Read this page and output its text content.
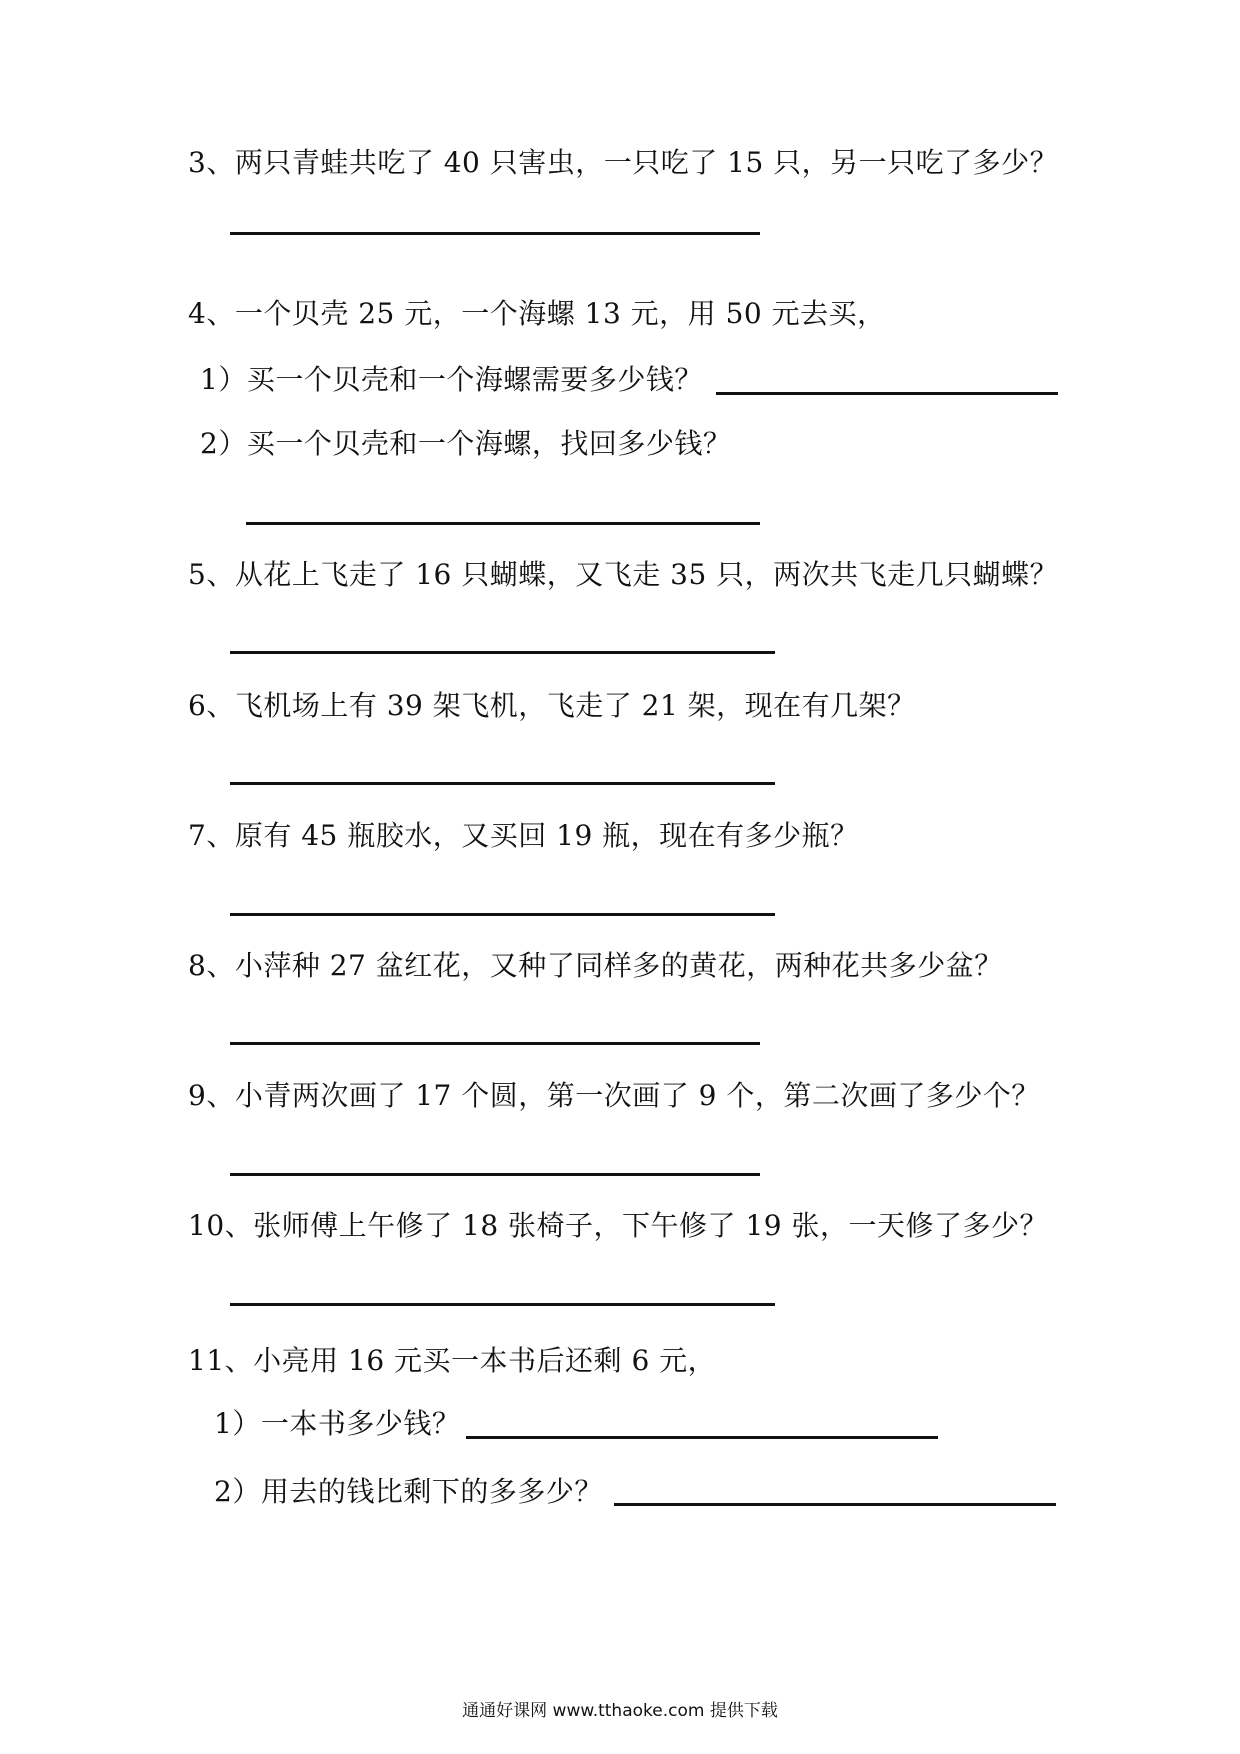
3、两只青蛙共吃了 40 只害虫，一只吃了 15 只，另一只吃了多少？
4、一个贝壳 25 元，一个海螺 13 元，用 50 元去买，
1）买一个贝壳和一个海螺需要多少钱？
2）买一个贝壳和一个海螺，找回多少钱？
5、从花上飞走了 16 只蝴蝶，又飞走 35 只，两次共飞走几只蝴蝶？
6、飞机场上有 39 架飞机，飞走了 21 架，现在有几架？
7、原有 45 瓶胶水，又买回 19 瓶，现在有多少瓶？
8、小萍种 27 盆红花，又种了同样多的黄花，两种花共多少盆？
9、小青两次画了 17 个圆，第一次画了 9 个，第二次画了多少个？
10、张师傅上午修了 18 张椅子，下午修了 19 张，一天修了多少？
11、小亮用 16 元买一本书后还剩 6 元，
1）一本书多少钱？
2）用去的钱比剩下的多多少？
通通好课网 www.tthaoke.com 提供下载
